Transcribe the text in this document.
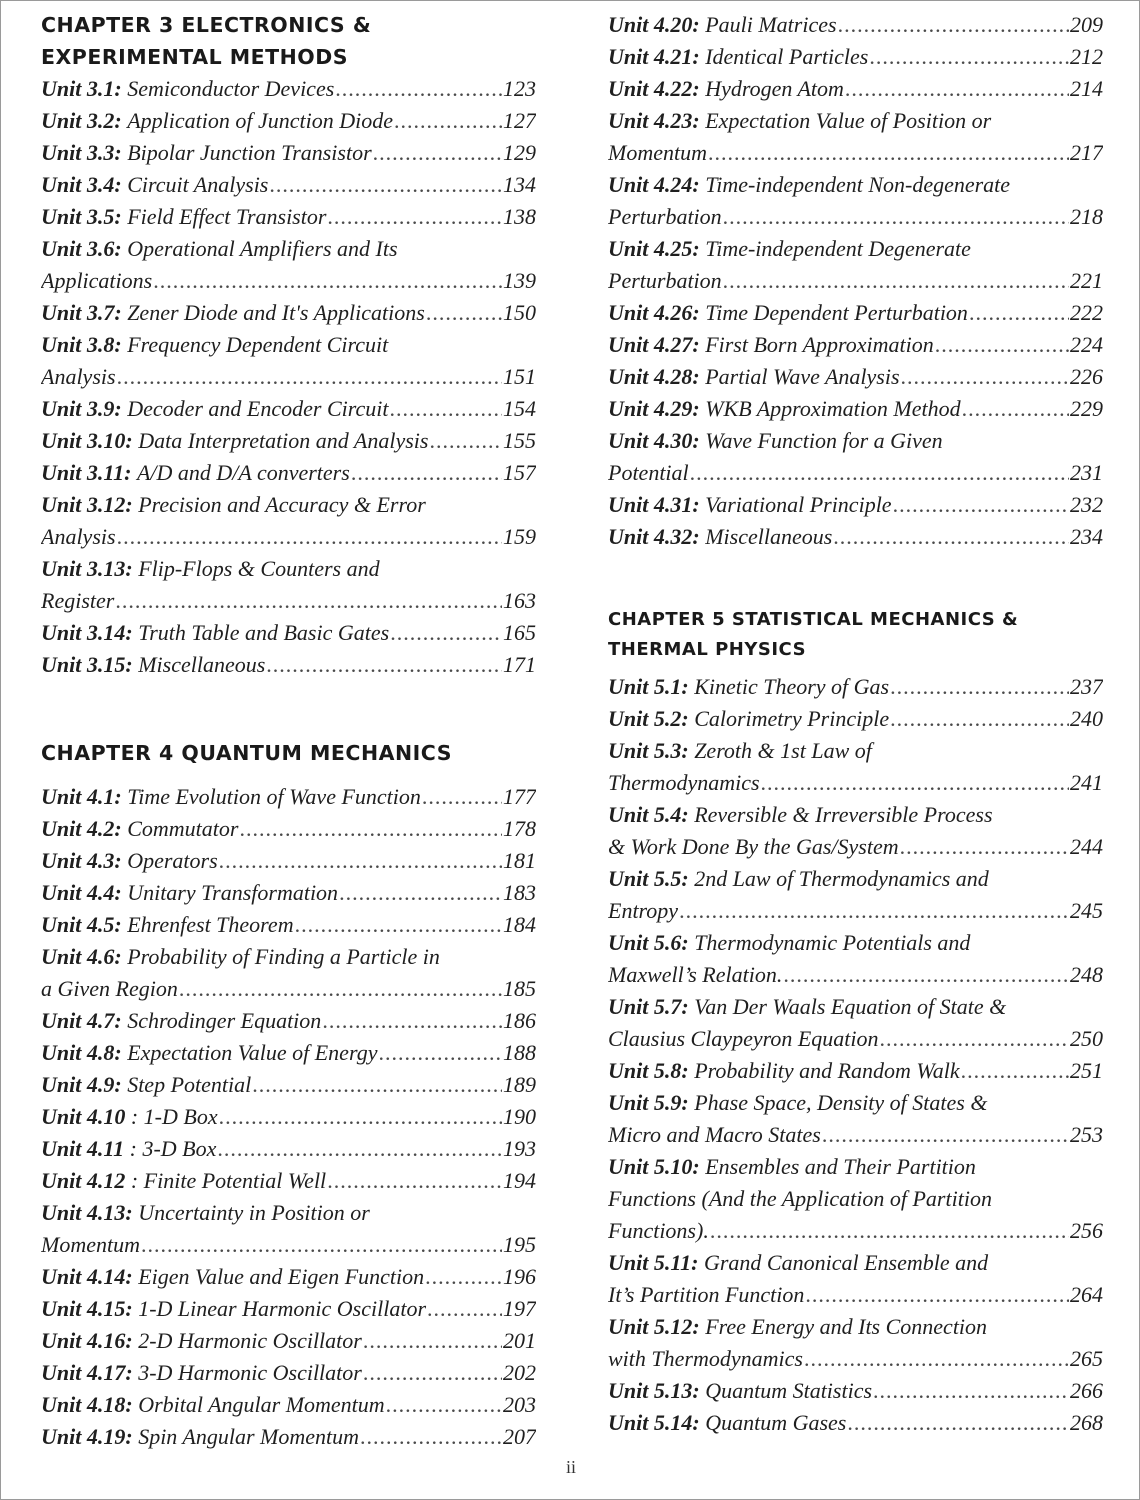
CHAPTER 3 ELECTRONICS &
EXPERIMENTAL METHODS
Unit 3.1:
Semiconductor Devices .....	123
Unit 3.2:
Application of Junction Diode .....	127
Unit 3.3:
Bipolar Junction Transistor .....	129
Unit 3.4:
Circuit Analysis .....	134
Unit 3.5:
Field Effect Transistor .....	138
Unit 3.6:
Operational Amplifiers and Its
Applications .....	139
Unit 3.7:
Zener Diode and It's Applications .....	150
Unit 3.8:
Frequency Dependent Circuit
Analysis .....	151
Unit 3.9:
Decoder and Encoder Circuit .....	154
Unit 3.10:
Data Interpretation and Analysis .....	155
Unit 3.11:
A/D and D/A converters .....	157
Unit 3.12:
Precision and Accuracy & Error
Analysis .....	159
Unit 3.13:
Flip-Flops & Counters and
Register .....	163
Unit 3.14:
Truth Table and Basic Gates .....	165
Unit 3.15:
Miscellaneous .....	171
CHAPTER 4 QUANTUM MECHANICS
Unit 4.1:
Time Evolution of Wave Function .....	177
Unit 4.2:
Commutator .....	178
Unit 4.3:
Operators .....	181
Unit 4.4:
Unitary Transformation .....	183
Unit 4.5:
Ehrenfest Theorem .....	184
Unit 4.6:
Probability of Finding a Particle in
a Given Region .....	185
Unit 4.7:
Schrodinger Equation .....	186
Unit 4.8:
Expectation Value of Energy .....	188
Unit 4.9:
Step Potential .....	189
Unit 4.10
: 1-D Box .....	190
Unit 4.11
: 3-D Box .....	193
Unit 4.12
: Finite Potential Well .....	194
Unit 4.13:
Uncertainty in Position or
Momentum .....	195
Unit 4.14:
Eigen Value and Eigen Function .....	196
Unit 4.15:
1-D Linear Harmonic Oscillator .....	197
Unit 4.16:
2-D Harmonic Oscillator .....	201
Unit 4.17:
3-D Harmonic Oscillator .....	202
Unit 4.18:
Orbital Angular Momentum .....	203
Unit 4.19:
Spin Angular Momentum .....	207
Unit 4.20:
Pauli Matrices .....	209
Unit 4.21:
Identical Particles .....	212
Unit 4.22:
Hydrogen Atom .....	214
Unit 4.23:
Expectation Value of Position or
Momentum .....	217
Unit 4.24:
Time-independent Non-degenerate
Perturbation .....	218
Unit 4.25:
Time-independent Degenerate
Perturbation .....	221
Unit 4.26:
Time Dependent Perturbation .....	222
Unit 4.27:
First Born Approximation .....	224
Unit 4.28:
Partial Wave Analysis .....	226
Unit 4.29:
WKB Approximation Method .....	229
Unit 4.30:
Wave Function for a Given
Potential .....	231
Unit 4.31:
Variational Principle .....	232
Unit 4.32:
Miscellaneous .....	234
CHAPTER 5 STATISTICAL MECHANICS &
THERMAL PHYSICS
Unit 5.1:
Kinetic Theory of Gas .....	237
Unit 5.2:
Calorimetry Principle .....	240
Unit 5.3:
Zeroth & 1st Law of
Thermodynamics .....	241
Unit 5.4:
Reversible & Irreversible Process
& Work Done By the Gas/System .....	244
Unit 5.5:
2nd Law of Thermodynamics and
Entropy .....	245
Unit 5.6:
Thermodynamic Potentials and
Maxwell’s Relation. .....	248
Unit 5.7:
Van Der Waals Equation of State &
Clausius Claypeyron Equation .....	250
Unit 5.8:
Probability and Random Walk .....	251
Unit 5.9:
Phase Space, Density of States &
Micro and Macro States .....	253
Unit 5.10:
Ensembles and Their Partition
Functions (And the Application of Partition
Functions). .....	256
Unit 5.11:
Grand Canonical Ensemble and
It’s Partition Function .....	264
Unit 5.12:
Free Energy and Its Connection
with Thermodynamics .....	265
Unit 5.13:
Quantum Statistics .....	266
Unit 5.14:
Quantum Gases .....	268
ii
